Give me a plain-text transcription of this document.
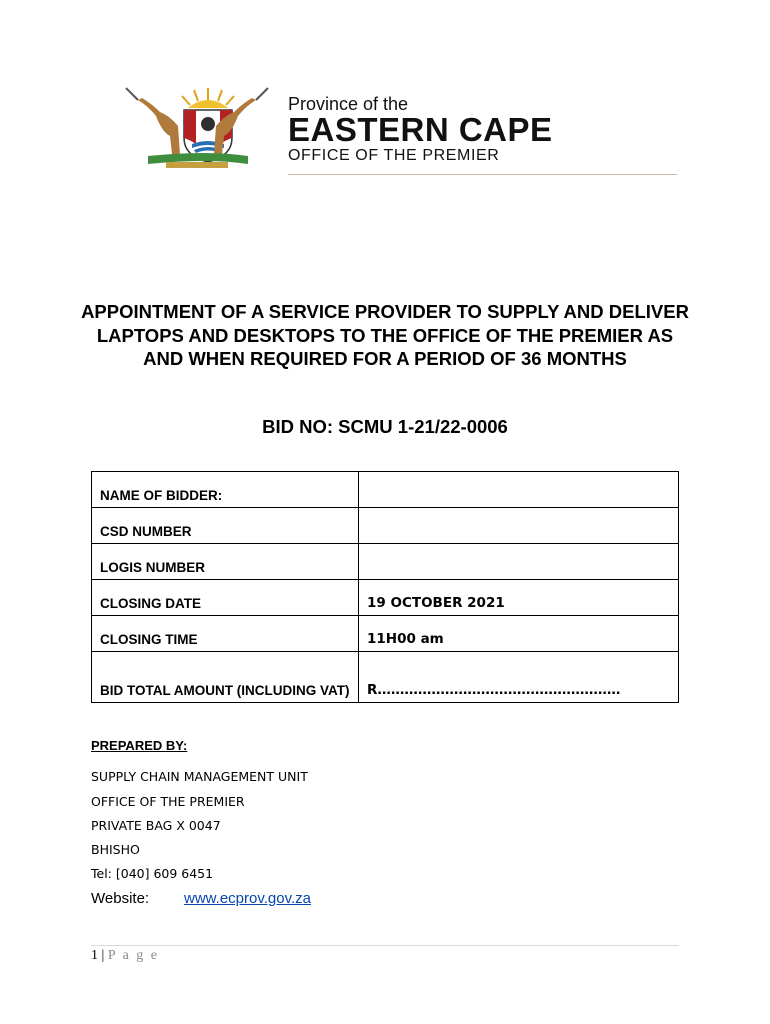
Province of the
EASTERN CAPE
OFFICE OF THE PREMIER
APPOINTMENT OF A SERVICE PROVIDER TO SUPPLY AND DELIVER LAPTOPS AND DESKTOPS TO THE OFFICE OF THE PREMIER AS AND WHEN REQUIRED FOR A PERIOD OF 36 MONTHS
BID NO: SCMU 1-21/22-0006
NAME OF BIDDER:	
CSD NUMBER	
LOGIS NUMBER	
CLOSING DATE	19 OCTOBER 2021
CLOSING TIME	11H00 am
BID TOTAL AMOUNT (INCLUDING VAT)	R………………………………………………
PREPARED BY:
SUPPLY CHAIN MANAGEMENT UNIT
OFFICE OF THE PREMIER
PRIVATE BAG X 0047
BHISHO
Tel: [040] 609 6451
Website: www.ecprov.gov.za
1 | P a g e
